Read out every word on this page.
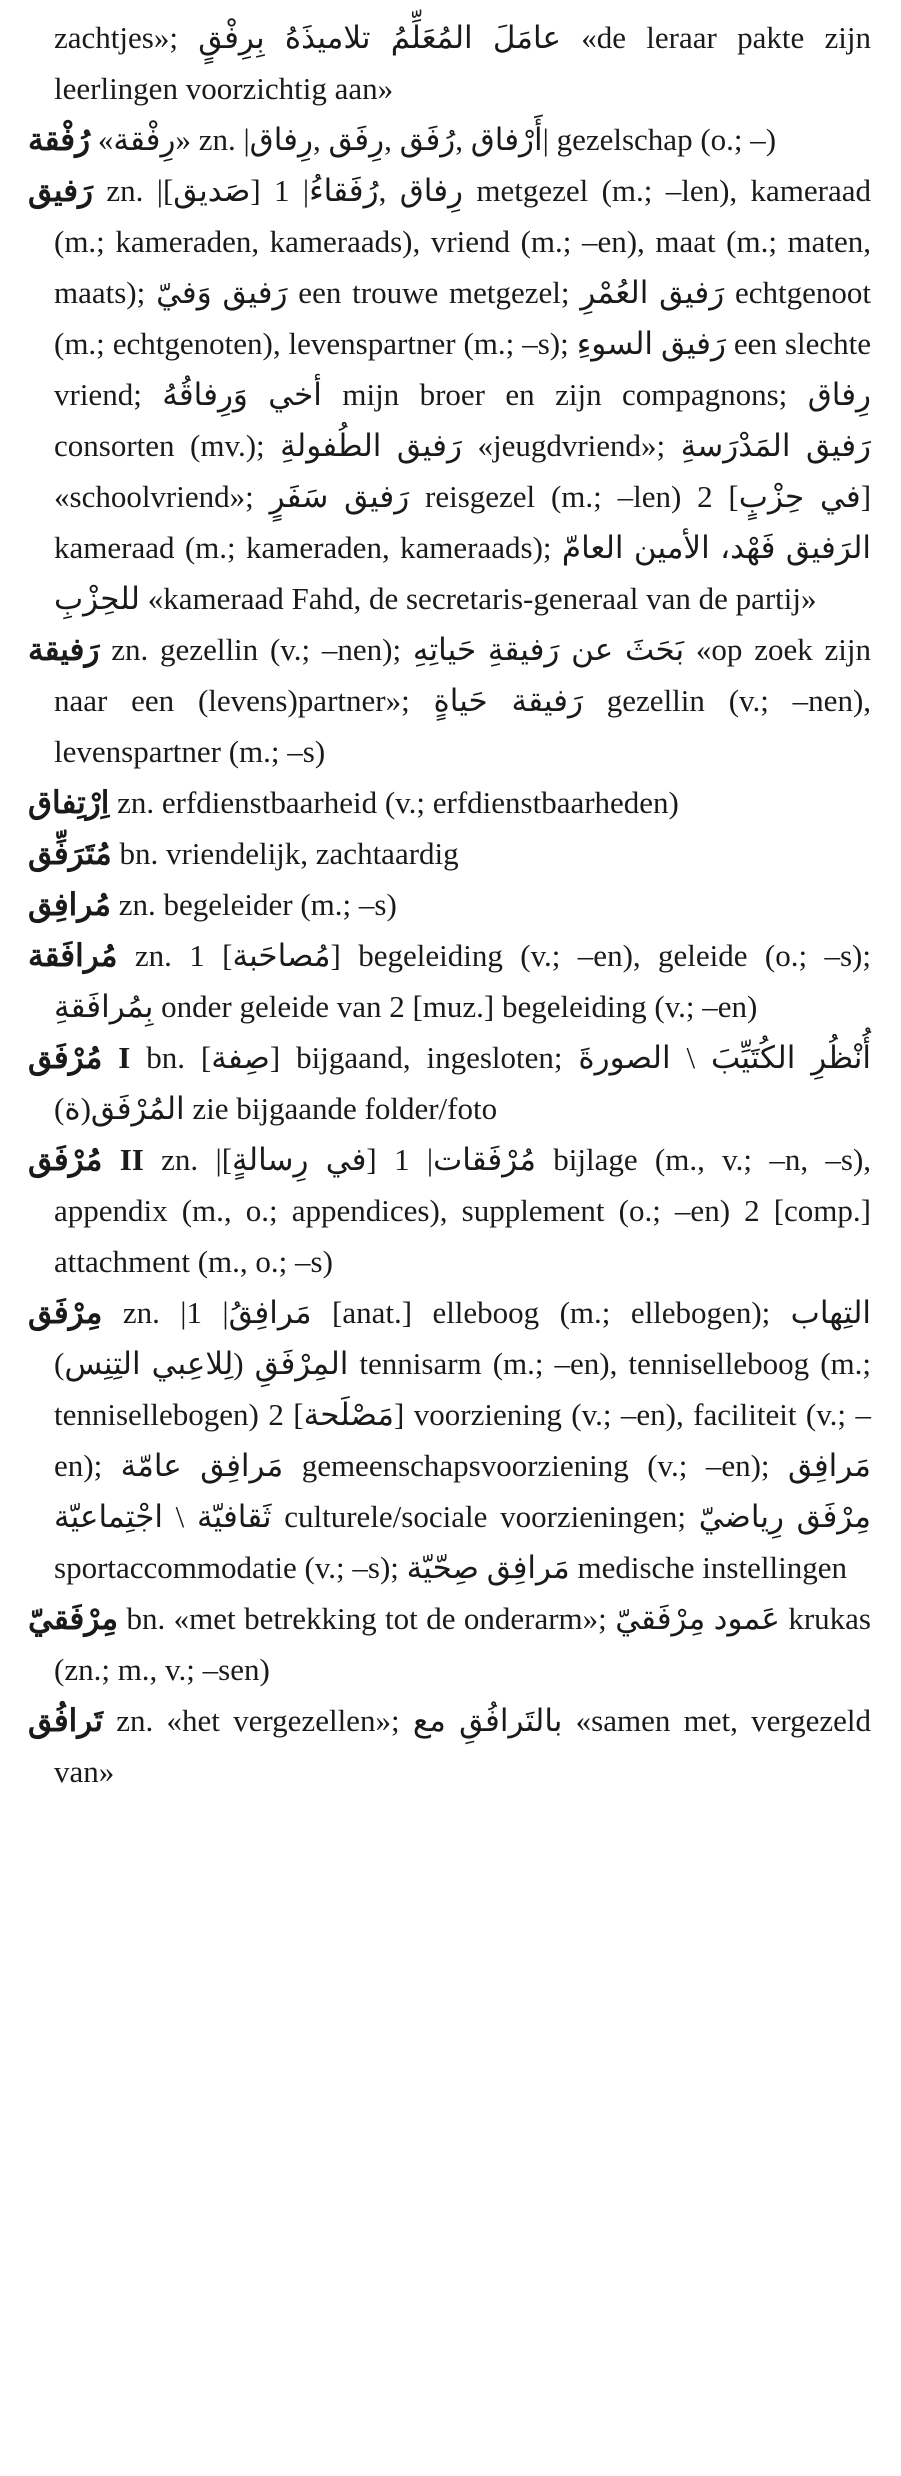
zachtjes»; عامَلَ المُعَلِّمُ تلاميذَهُ بِرِفْقٍ «de leraar pakte zijn leerlingen voorzichtig aan»

رُفْقة «رِفْقة» zn. |أَرْفاق ,رُفَق ,رِفَق ,رِفاق| gezelschap (o.; –)

رَفيق zn. |رِفاق ,رُفَقاءُ| 1 [صَديق] metgezel (m.; –len), kameraad (m.; kameraden, kameraads), vriend (m.; –en), maat (m.; maten, maats); رَفيق وَفيّ een trouwe metgezel; رَفيق العُمْرِ echtgenoot (m.; echtgenoten), levenspartner (m.; –s); رَفيق السوءِ een slechte vriend; أخي وَرِفاقُهُ mijn broer en zijn compagnons; رِفاق consorten (mv.); رَفيق الطُفولةِ «jeugdvriend»; رَفيق المَدْرَسةِ «schoolvriend»; رَفيق سَفَرٍ reisgezel (m.; –len) 2 [في حِزْبٍ] kameraad (m.; kameraden, kameraads); الرَفيق فَهْد، الأمين العامّ للحِزْبِ «kameraad Fahd, de secretaris-generaal van de partij»

رَفيقة zn. gezellin (v.; –nen); بَحَثَ عن رَفيقةِ حَياتِهِ «op zoek zijn naar een (levens)partner»; رَفيقة حَياةٍ gezellin (v.; –nen), levenspartner (m.; –s)

اِرْتِفاق zn. erfdienstbaarheid (v.; erfdienstbaarheden)

مُتَرَفِّق bn. vriendelijk, zachtaardig

مُرافِق zn. begeleider (m.; –s)

مُرافَقة zn. 1 [مُصاحَبة] begeleiding (v.; –en), geleide (o.; –s); بِمُرافَقةِ onder geleide van 2 [muz.] begeleiding (v.; –en)

مُرْفَق I bn. [صِفة] bijgaand, ingesloten; أُنْظُرِ الكُتَيِّبَ \ الصورةَ المُرْفَق(ة) zie bijgaande folder/foto

مُرْفَق II zn. |مُرْفَقات| 1 [في رِسالةٍ] bijlage (m., v.; –n, –s), appendix (m., o.; appendices), supplement (o.; –en) 2 [comp.] attachment (m., o.; –s)

مِرْفَق zn. |مَرافِقُ| 1 [anat.] elleboog (m.; ellebogen); التِهاب المِرْفَقِ (لِلاعِبي التِنِس) tennisarm (m.; –en), tenniselleboog (m.; tennisellebogen) 2 [مَصْلَحة] voorziening (v.; –en), faciliteit (v.; –en); مَرافِق عامّة gemeenschapsvoorziening (v.; –en); مَرافِق ثَقافيّة \ اجْتِماعيّة culturele/sociale voorzieningen; مِرْفَق رِياضيّ sportaccommodatie (v.; –s); مَرافِق صِحّيّة medische instellingen

مِرْفَقيّ bn. «met betrekking tot de onderarm»; عَمود مِرْفَقيّ krukas (zn.; m., v.; –sen)

تَرافُق zn. «het vergezellen»; بالتَرافُقِ مع «samen met, vergezeld van»
